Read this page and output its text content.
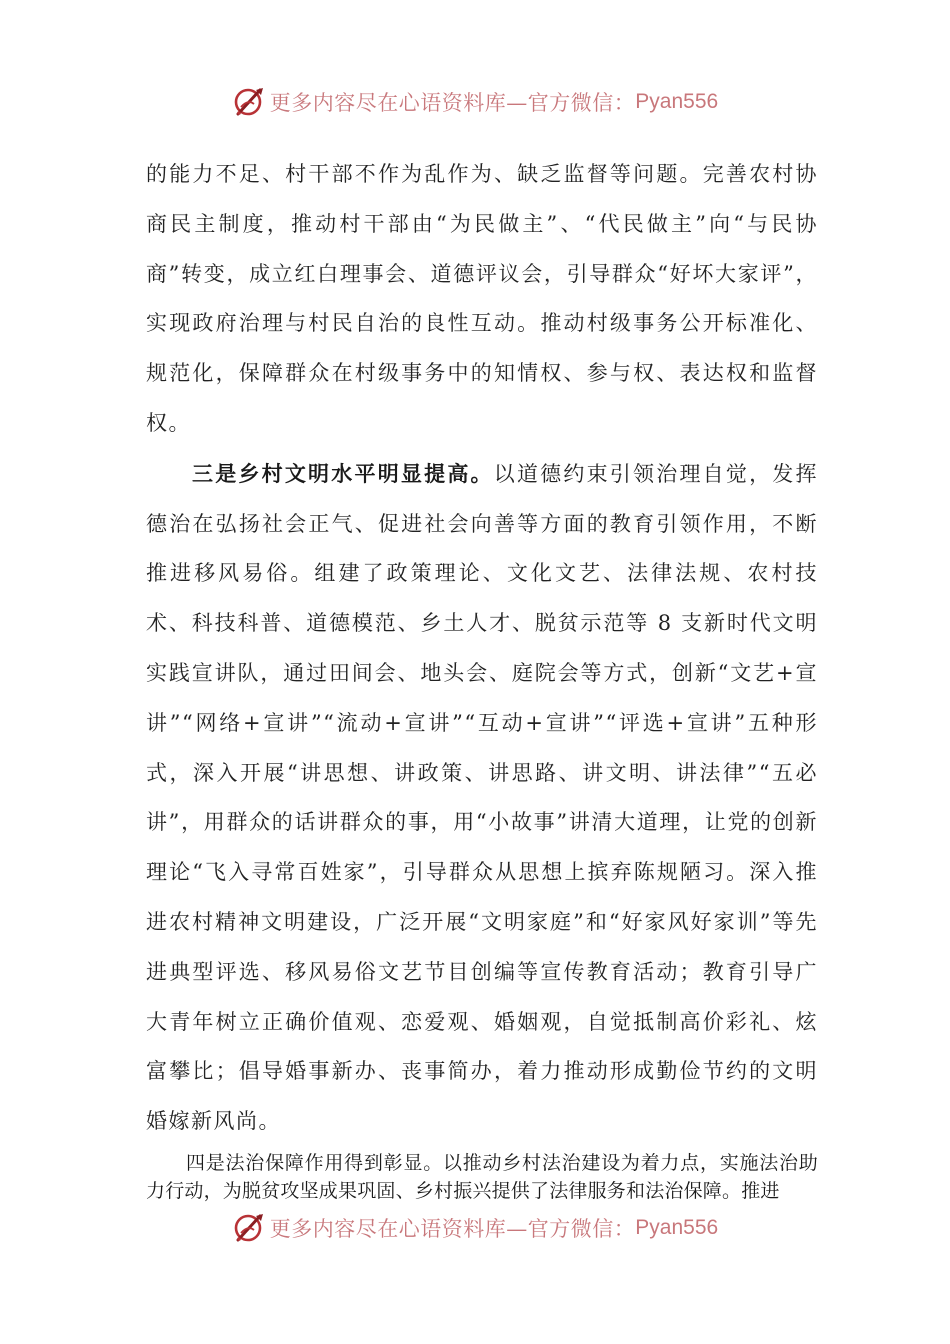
更多内容尽在心语资料库—官方微信： Pyan556

的能力不足、村干部不作为乱作为、缺乏监督等问题。完善农村协商民主制度，推动村干部由“为民做主”、“代民做主”向“与民协商”转变，成立红白理事会、道德评议会，引导群众“好坏大家评”，实现政府治理与村民自治的良性互动。推动村级事务公开标准化、规范化，保障群众在村级事务中的知情权、参与权、表达权和监督权。

三是乡村文明水平明显提高。以道德约束引领治理自觉，发挥德治在弘扬社会正气、促进社会向善等方面的教育引领作用，不断推进移风易俗。组建了政策理论、文化文艺、法律法规、农村技术、科技科普、道德模范、乡土人才、脱贫示范等 8 支新时代文明实践宣讲队，通过田间会、地头会、庭院会等方式，创新“文艺+宣讲”“网络+宣讲”“流动+宣讲”“互动+宣讲”“评选+宣讲”五种形式，深入开展“讲思想、讲政策、讲思路、讲文明、讲法律”“五必讲”，用群众的话讲群众的事，用“小故事”讲清大道理，让党的创新理论“飞入寻常百姓家”，引导群众从思想上摈弃陈规陋习。深入推进农村精神文明建设，广泛开展“文明家庭”和“好家风好家训”等先进典型评选、移风易俗文艺节目创编等宣传教育活动；教育引导广大青年树立正确价值观、恋爱观、婚姻观，自觉抵制高价彩礼、炫富攀比；倡导婚事新办、丧事简办，着力推动形成勤俭节约的文明婚嫁新风尚。

四是法治保障作用得到彰显。以推动乡村法治建设为着力点，实施法治助力行动，为脱贫攻坚成果巩固、乡村振兴提供了法律服务和法治保障。推进

更多内容尽在心语资料库—官方微信： Pyan556
